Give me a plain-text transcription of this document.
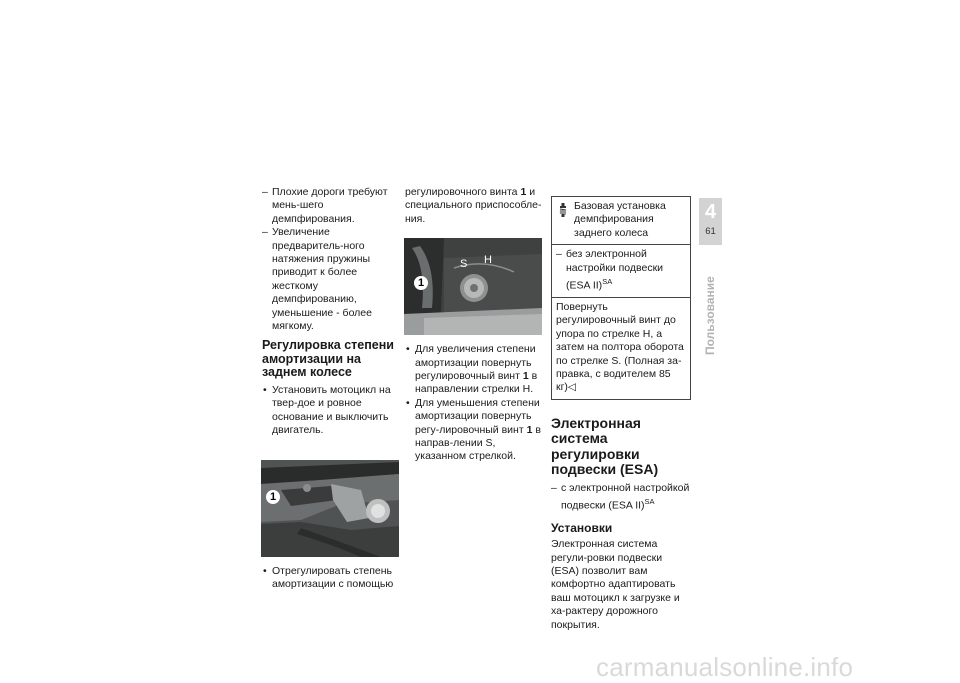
– Плохие дороги требуют мень-шего демпфирования.

– Увеличение предваритель-ного натяжения пружины приводит к более жесткому демпфированию, уменьшение - более мягкому.

Регулировка степени амортизации на заднем колесе

• Установить мотоцикл на твер-дое и ровное основание и выключить двигатель.

1

• Отрегулировать степень амортизации с помощью

регулировочного винта 1 и специального приспособле-ния.

1
S H

• Для увеличения степени амортизации повернуть регулировочный винт 1 в направлении стрелки H.

• Для уменьшения степени амортизации повернуть регу-лировочный винт 1 в направ-лении S, указанном стрелкой.

Базовая установка демпфирования заднего колеса

– без электронной настройки подвески (ESA II)$^{SA}$

Повернуть регулировочный винт до упора по стрелке H, а затем на полтора оборота по стрелке S. (Полная за-правка, с водителем 85 кг)◁
Электронная система регулировки подвески (ESA)

– с электронной настройкой подвески (ESA II)$^{SA}$

Установки

Электронная система регули-ровки подвески (ESA) позволит вам комфортно адаптировать ваш мотоцикл к загрузке и ха-рактеру дорожного покрытия.

4
61
Пользование
carmanualsonline.info
